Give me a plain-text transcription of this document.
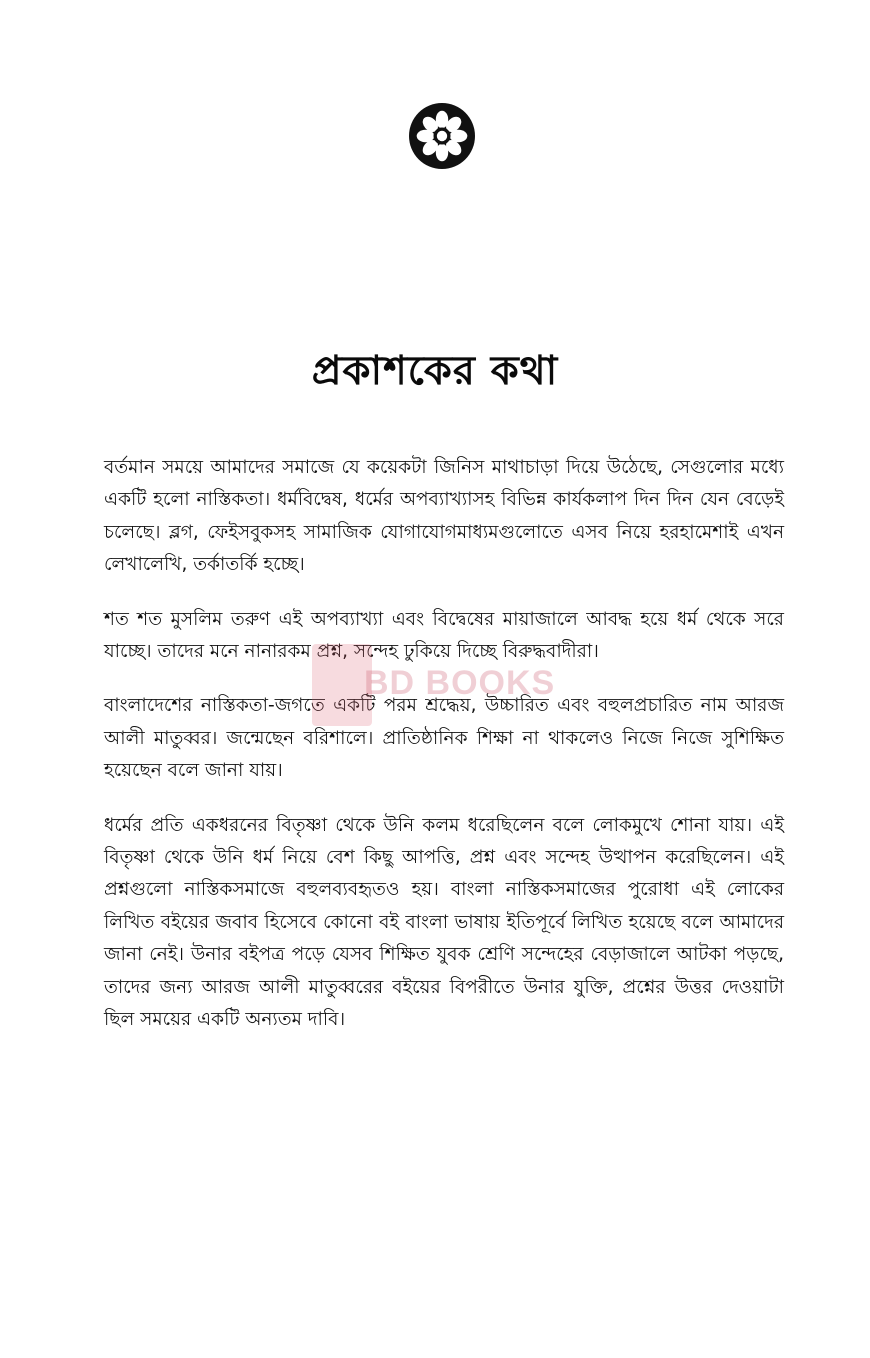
প্রকাশকের কথা

বর্তমান সময়ে আমাদের সমাজে যে কয়েকটা জিনিস মাথাচাড়া দিয়ে উঠেছে, সেগুলোর মধ্যে একটি হলো নাস্তিকতা। ধর্মবিদ্বেষ, ধর্মের অপব্যাখ্যাসহ বিভিন্ন কার্যকলাপ দিন দিন যেন বেড়েই চলেছে। ব্লগ, ফেইসবুকসহ সামাজিক যোগাযোগমাধ্যমগুলোতে এসব নিয়ে হরহামেশাই এখন লেখালেখি, তর্কাতর্কি হচ্ছে।

শত শত মুসলিম তরুণ এই অপব্যাখ্যা এবং বিদ্বেষের মায়াজালে আবদ্ধ হয়ে ধর্ম থেকে সরে যাচ্ছে। তাদের মনে নানারকম প্রশ্ন, সন্দেহ ঢুকিয়ে দিচ্ছে বিরুদ্ধবাদীরা।

বাংলাদেশের নাস্তিকতা-জগতে একটি পরম শ্রদ্ধেয়, উচ্চারিত এবং বহুলপ্রচারিত নাম আরজ আলী মাতুব্বর। জন্মেছেন বরিশালে। প্রাতিষ্ঠানিক শিক্ষা না থাকলেও নিজে নিজে সুশিক্ষিত হয়েছেন বলে জানা যায়।

ধর্মের প্রতি একধরনের বিতৃষ্ণা থেকে উনি কলম ধরেছিলেন বলে লোকমুখে শোনা যায়। এই বিতৃষ্ণা থেকে উনি ধর্ম নিয়ে বেশ কিছু আপত্তি, প্রশ্ন এবং সন্দেহ উত্থাপন করেছিলেন। এই প্রশ্নগুলো নাস্তিকসমাজে বহুলব্যবহৃতও হয়। বাংলা নাস্তিকসমাজের পুরোধা এই লোকের লিখিত বইয়ের জবাব হিসেবে কোনো বই বাংলা ভাষায় ইতিপূর্বে লিখিত হয়েছে বলে আমাদের জানা নেই। উনার বইপত্র পড়ে যেসব শিক্ষিত যুবক শ্রেণি সন্দেহের বেড়াজালে আটকা পড়ছে, তাদের জন্য আরজ আলী মাতুব্বরের বইয়ের বিপরীতে উনার যুক্তি, প্রশ্নের উত্তর দেওয়াটা ছিল সময়ের একটি অন্যতম দাবি।

BD BOOKS
